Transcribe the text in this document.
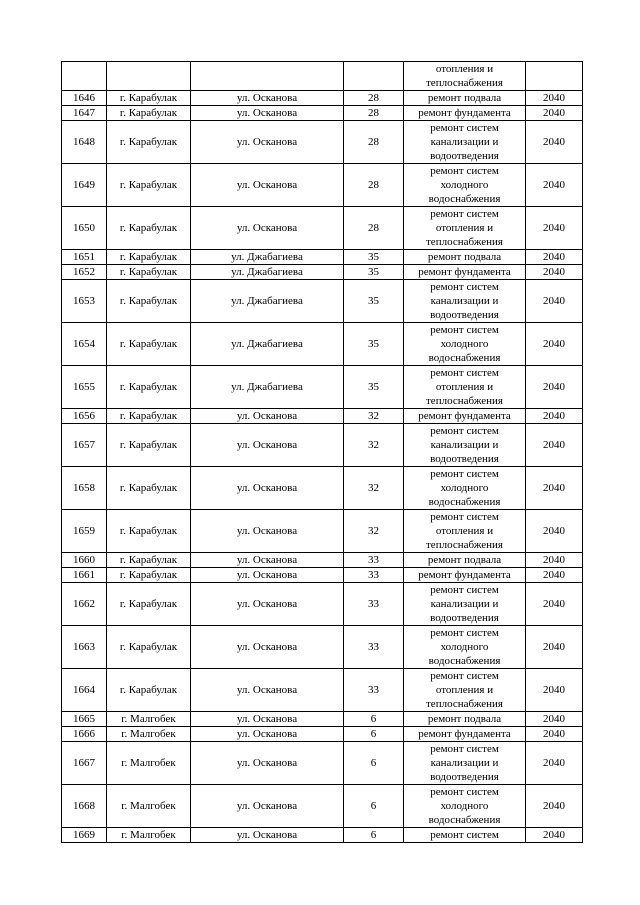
				отопления и теплоснабжения	
1646	г. Карабулак	ул. Осканова	28	ремонт подвала	2040
1647	г. Карабулак	ул. Осканова	28	ремонт фундамента	2040
1648	г. Карабулак	ул. Осканова	28	ремонт систем канализации и водоотведения	2040
1649	г. Карабулак	ул. Осканова	28	ремонт систем холодного водоснабжения	2040
1650	г. Карабулак	ул. Осканова	28	ремонт систем отопления и теплоснабжения	2040
1651	г. Карабулак	ул. Джабагиева	35	ремонт подвала	2040
1652	г. Карабулак	ул. Джабагиева	35	ремонт фундамента	2040
1653	г. Карабулак	ул. Джабагиева	35	ремонт систем канализации и водоотведения	2040
1654	г. Карабулак	ул. Джабагиева	35	ремонт систем холодного водоснабжения	2040
1655	г. Карабулак	ул. Джабагиева	35	ремонт систем отопления и теплоснабжения	2040
1656	г. Карабулак	ул. Осканова	32	ремонт фундамента	2040
1657	г. Карабулак	ул. Осканова	32	ремонт систем канализации и водоотведения	2040
1658	г. Карабулак	ул. Осканова	32	ремонт систем холодного водоснабжения	2040
1659	г. Карабулак	ул. Осканова	32	ремонт систем отопления и теплоснабжения	2040
1660	г. Карабулак	ул. Осканова	33	ремонт подвала	2040
1661	г. Карабулак	ул. Осканова	33	ремонт фундамента	2040
1662	г. Карабулак	ул. Осканова	33	ремонт систем канализации и водоотведения	2040
1663	г. Карабулак	ул. Осканова	33	ремонт систем холодного водоснабжения	2040
1664	г. Карабулак	ул. Осканова	33	ремонт систем отопления и теплоснабжения	2040
1665	г. Малгобек	ул. Осканова	6	ремонт подвала	2040
1666	г. Малгобек	ул. Осканова	6	ремонт фундамента	2040
1667	г. Малгобек	ул. Осканова	6	ремонт систем канализации и водоотведения	2040
1668	г. Малгобек	ул. Осканова	6	ремонт систем холодного водоснабжения	2040
1669	г. Малгобек	ул. Осканова	6	ремонт систем	2040
